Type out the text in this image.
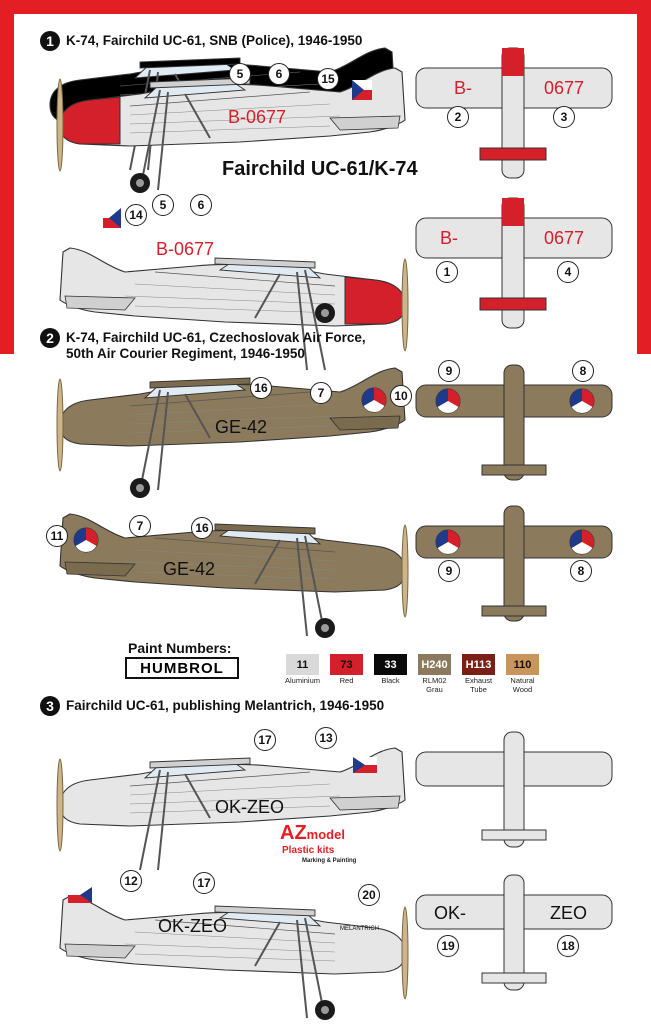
B-0677
B-0677
B-	0677
B-	0677
GE-42
GE-42
OK-ZEO
OK-ZEO	MELANTRICH
OK-	ZEO
1 K-74, Fairchild UC-61, SNB (Police), 1946-1950
Fairchild UC-61/K-74
2 K-74, Fairchild UC-61, Czechoslovak Air Force,
50th Air Courier Regiment, 1946-1950
3 Fairchild UC-61, publishing Melantrich, 1946-1950
5	6	15
2	3
5	6
14
1	4
16	7	10
9	8
7	16
11
9	8
17	13
12	17
20
19	18
Paint Numbers:
HUMBROL	11
Aluminium
73
Red
33
Black
H240
RLM02
Grau
H113
Exhaust
Tube
110
Natural
Wood
AZmodel
Plastic kits
Marking & Painting
